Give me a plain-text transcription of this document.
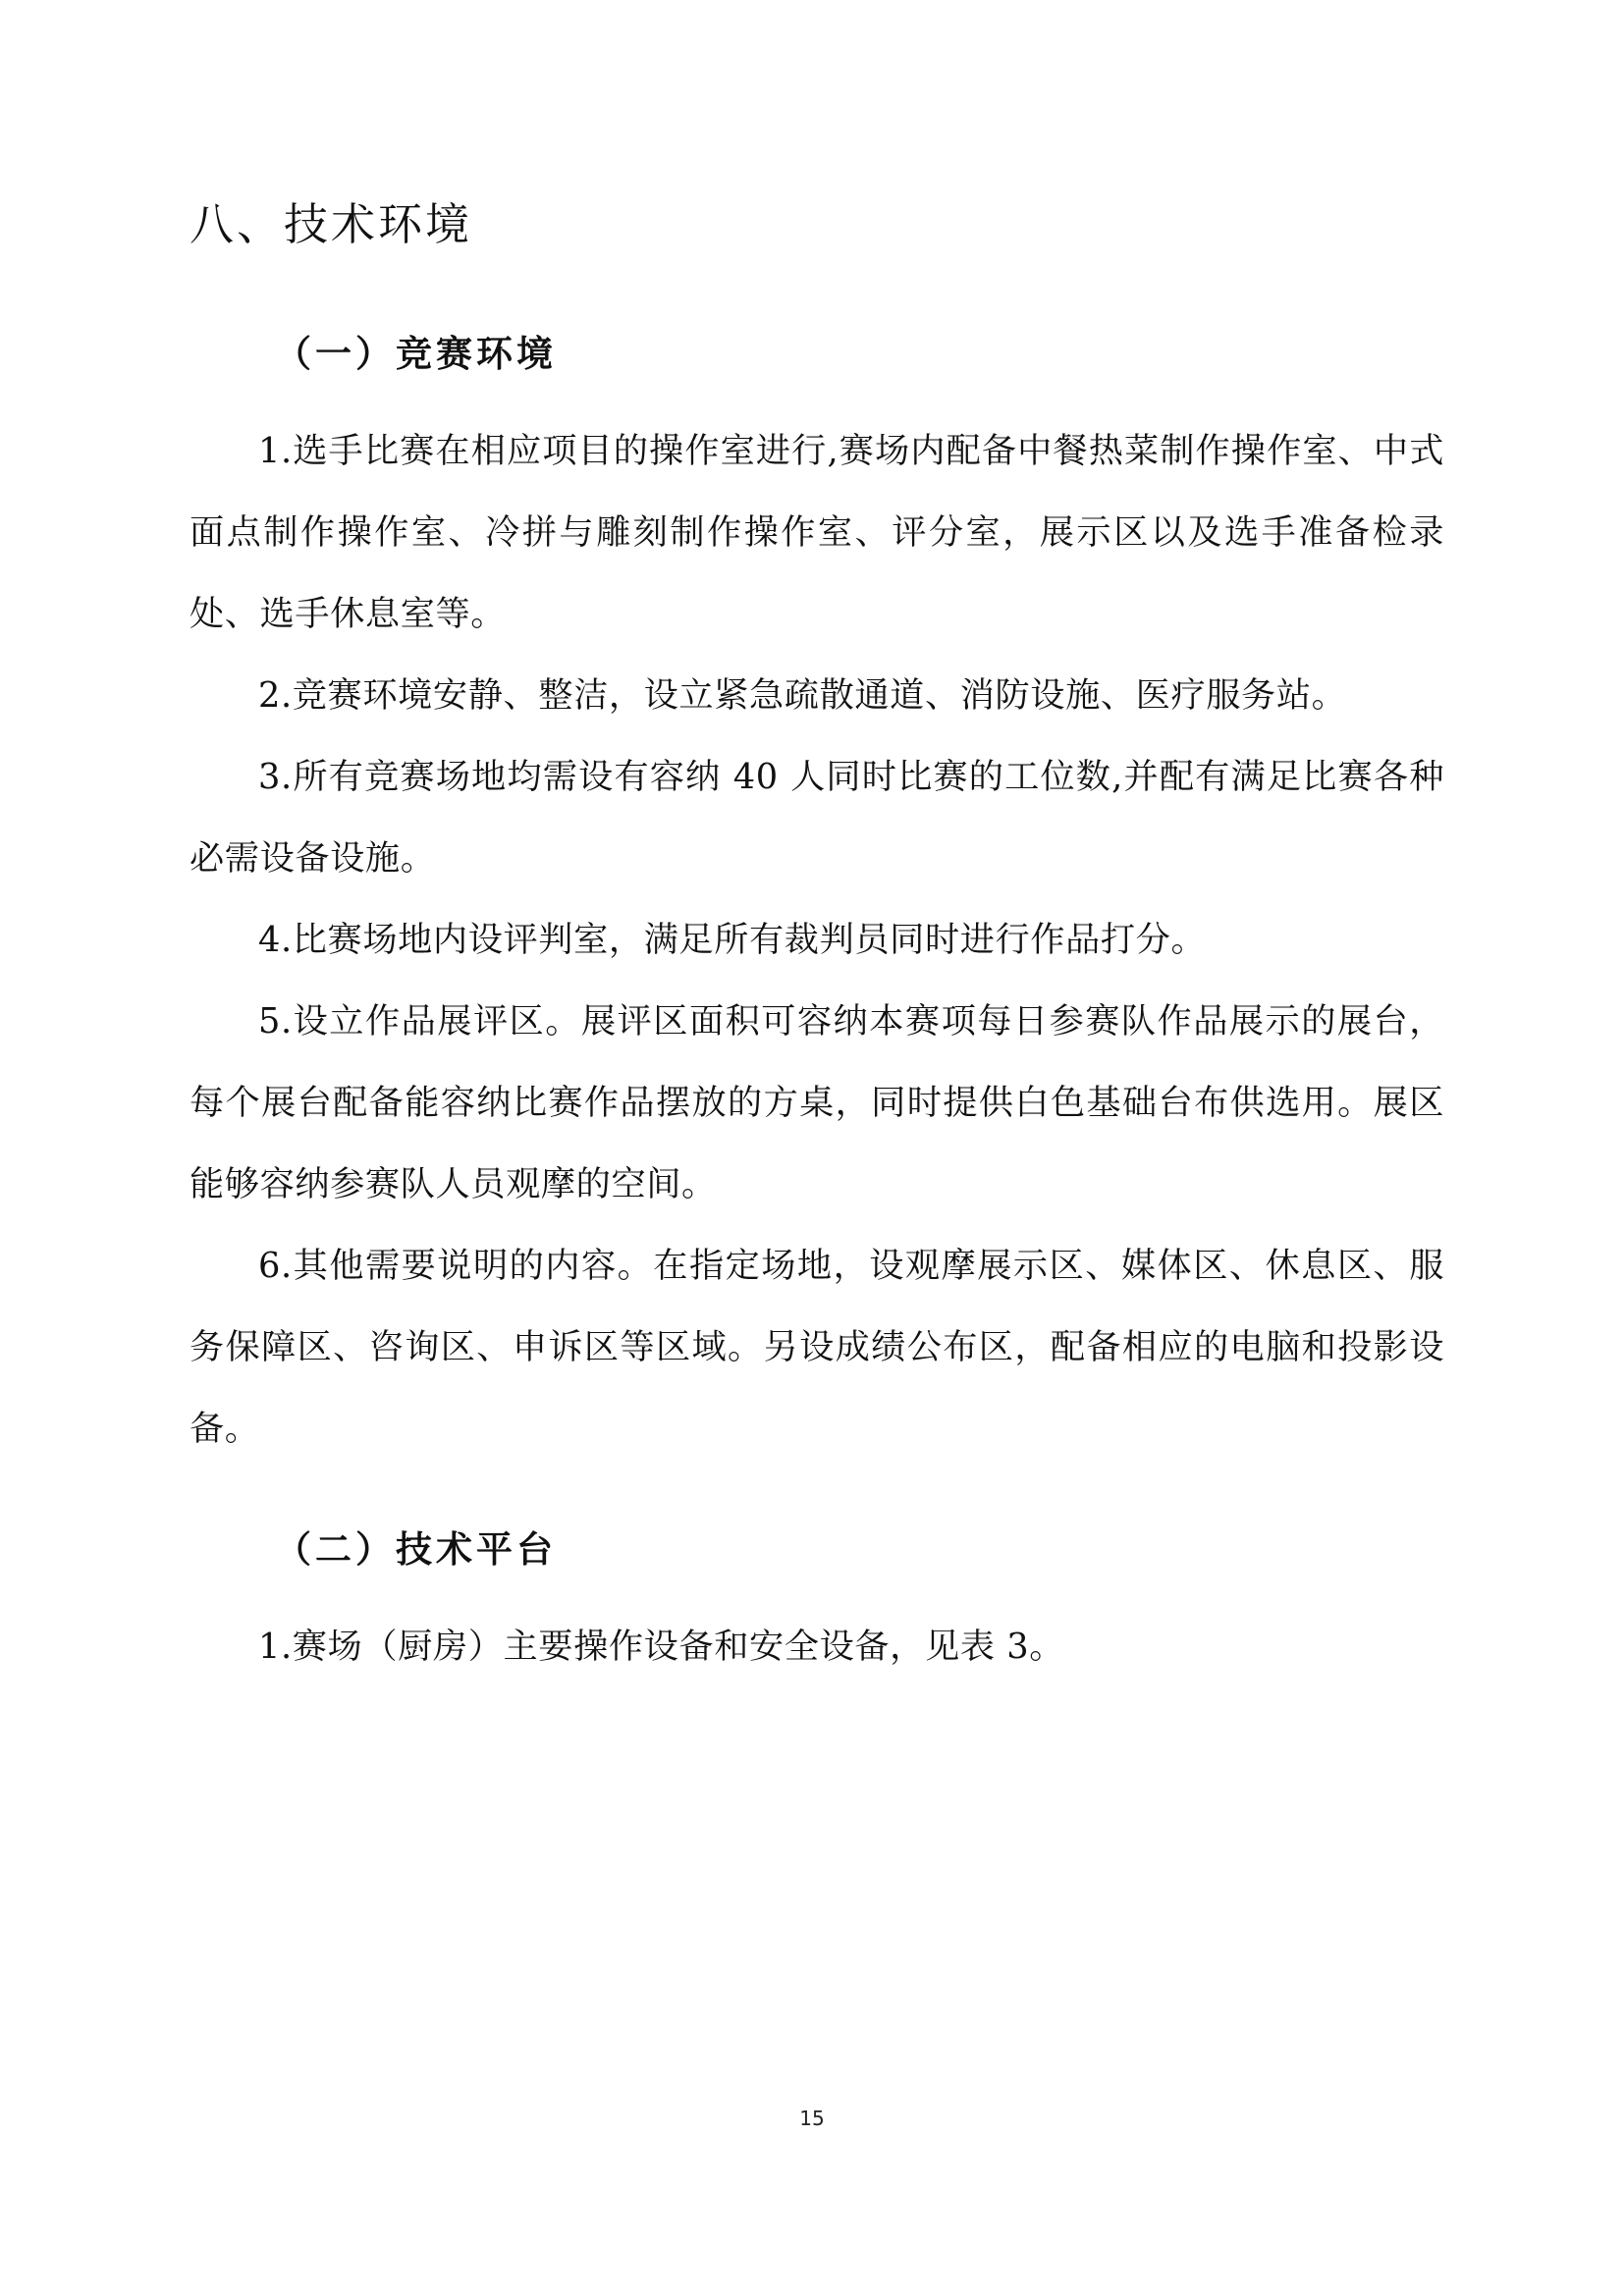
八、技术环境
（一）竞赛环境

1.选手比赛在相应项目的操作室进行,赛场内配备中餐热菜制作操作室、中式面点制作操作室、冷拼与雕刻制作操作室、评分室，展示区以及选手准备检录处、选手休息室等。

2.竞赛环境安静、整洁，设立紧急疏散通道、消防设施、医疗服务站。

3.所有竞赛场地均需设有容纳 40 人同时比赛的工位数,并配有满足比赛各种必需设备设施。

4.比赛场地内设评判室，满足所有裁判员同时进行作品打分。

5.设立作品展评区。展评区面积可容纳本赛项每日参赛队作品展示的展台，每个展台配备能容纳比赛作品摆放的方桌，同时提供白色基础台布供选用。展区能够容纳参赛队人员观摩的空间。

6.其他需要说明的内容。在指定场地，设观摩展示区、媒体区、休息区、服务保障区、咨询区、申诉区等区域。另设成绩公布区，配备相应的电脑和投影设备。

（二）技术平台

1.赛场（厨房）主要操作设备和安全设备，见表 3。

15
